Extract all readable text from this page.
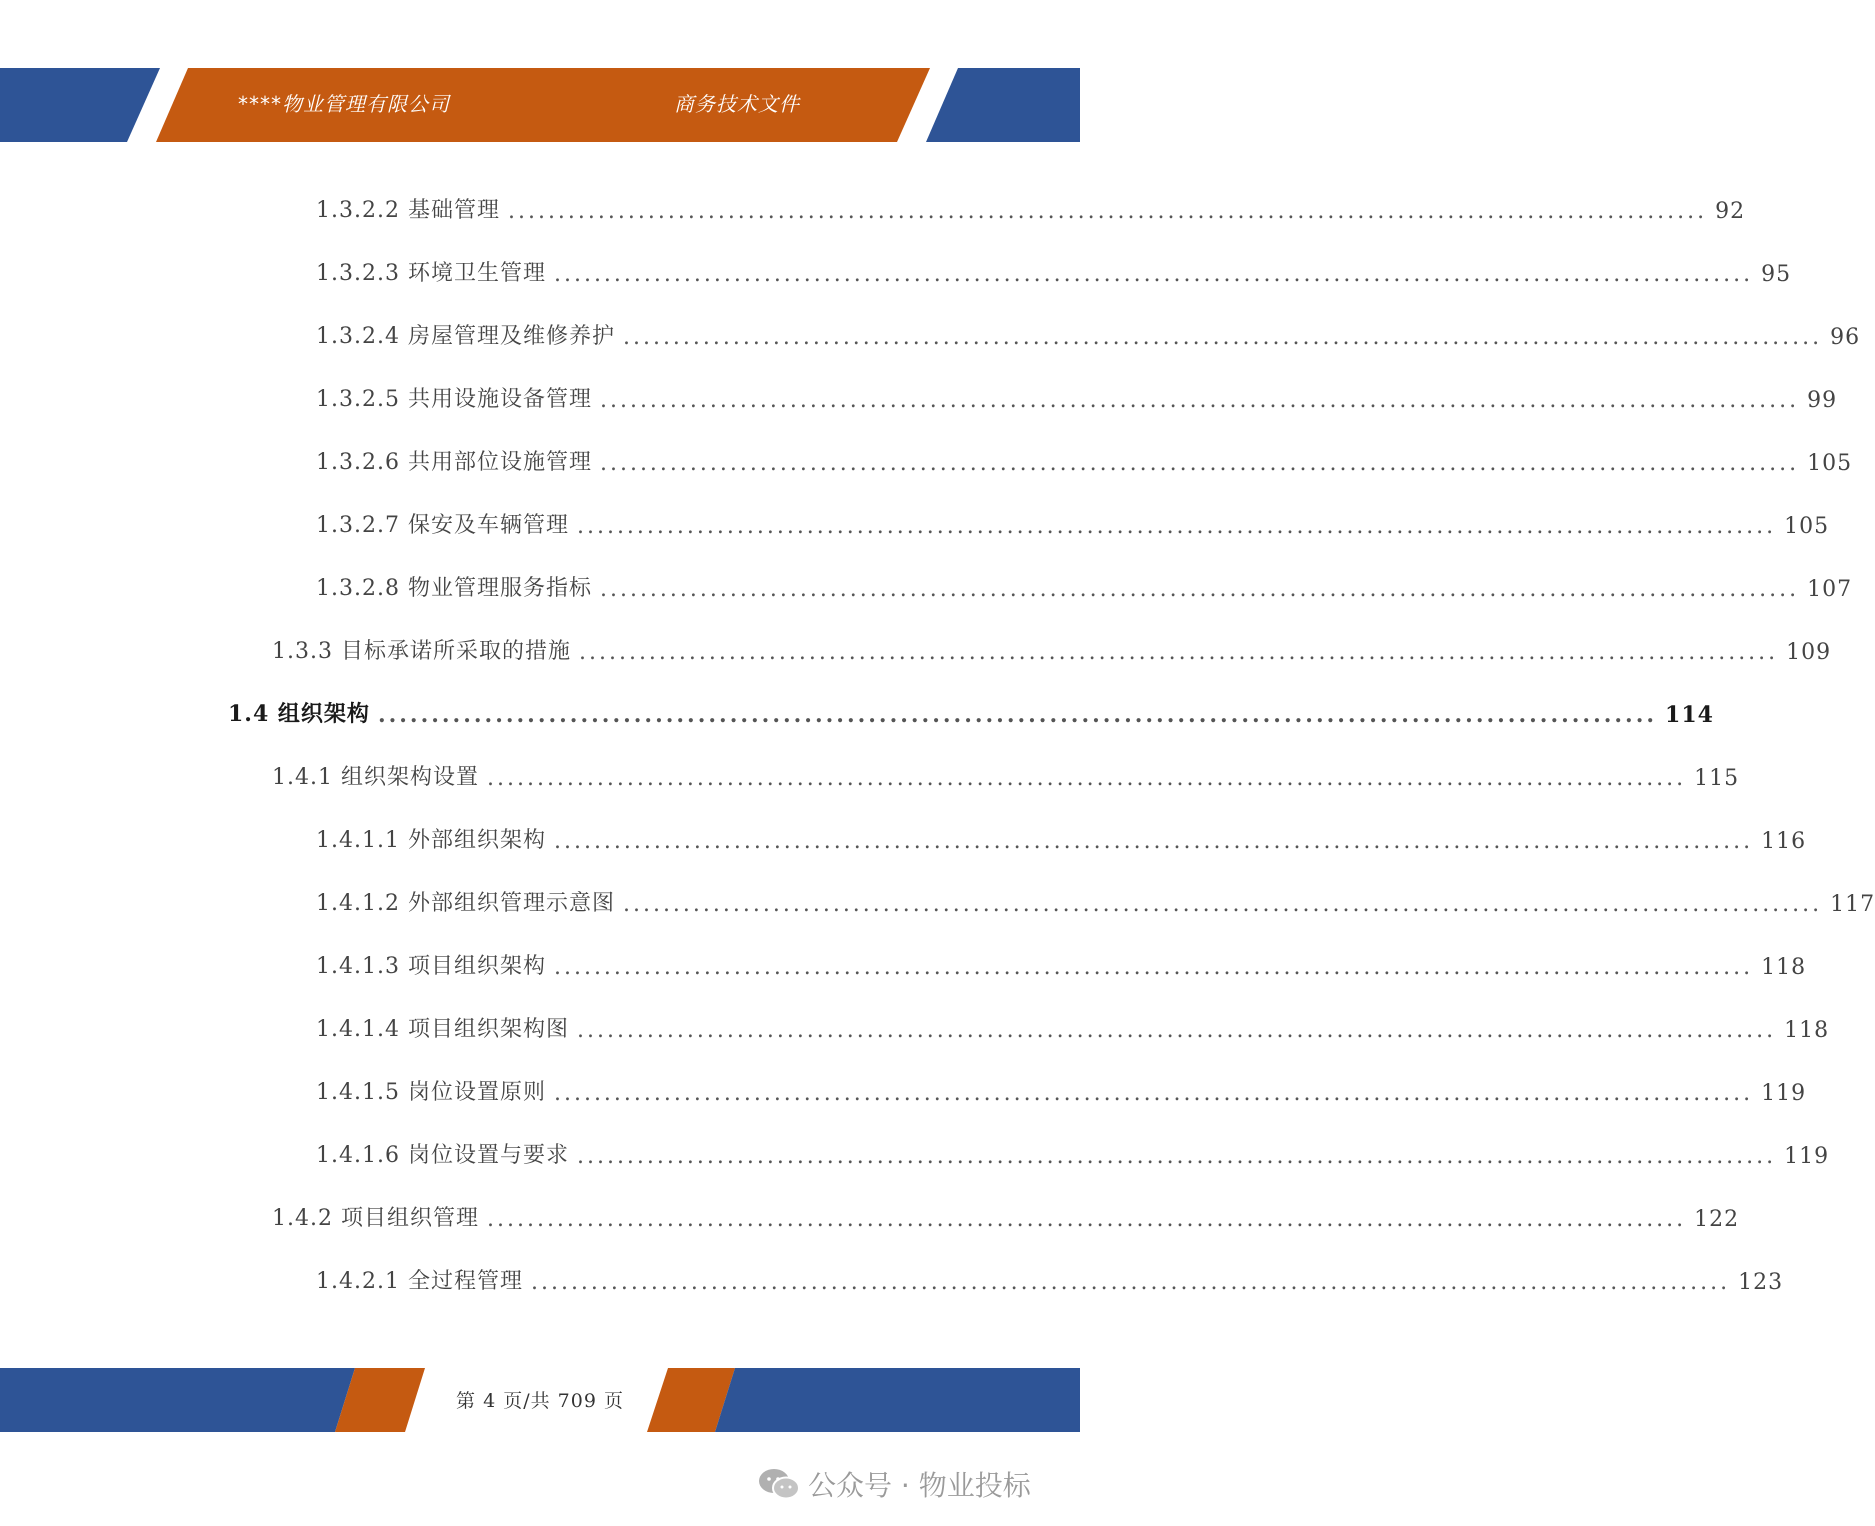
****物业管理有限公司	商务技术文件
1.3.2.2 基础管理 ........................................................................................................................ 92
1.3.2.3 环境卫生管理 ........................................................................................................................ 95
1.3.2.4 房屋管理及维修养护 ........................................................................................................................ 96
1.3.2.5 共用设施设备管理 ........................................................................................................................ 99
1.3.2.6 共用部位设施管理 ........................................................................................................................ 105
1.3.2.7 保安及车辆管理 ........................................................................................................................ 105
1.3.2.8 物业管理服务指标 ........................................................................................................................ 107
1.3.3 目标承诺所采取的措施 ........................................................................................................................ 109
1.4 组织架构 ........................................................................................................................ 114
1.4.1 组织架构设置 ........................................................................................................................ 115
1.4.1.1 外部组织架构 ........................................................................................................................ 116
1.4.1.2 外部组织管理示意图 ........................................................................................................................ 117
1.4.1.3 项目组织架构 ........................................................................................................................ 118
1.4.1.4 项目组织架构图 ........................................................................................................................ 118
1.4.1.5 岗位设置原则 ........................................................................................................................ 119
1.4.1.6 岗位设置与要求 ........................................................................................................................ 119
1.4.2 项目组织管理 ........................................................................................................................ 122
1.4.2.1 全过程管理 ........................................................................................................................ 123
第 4 页/共 709 页
公众号 · 物业投标
